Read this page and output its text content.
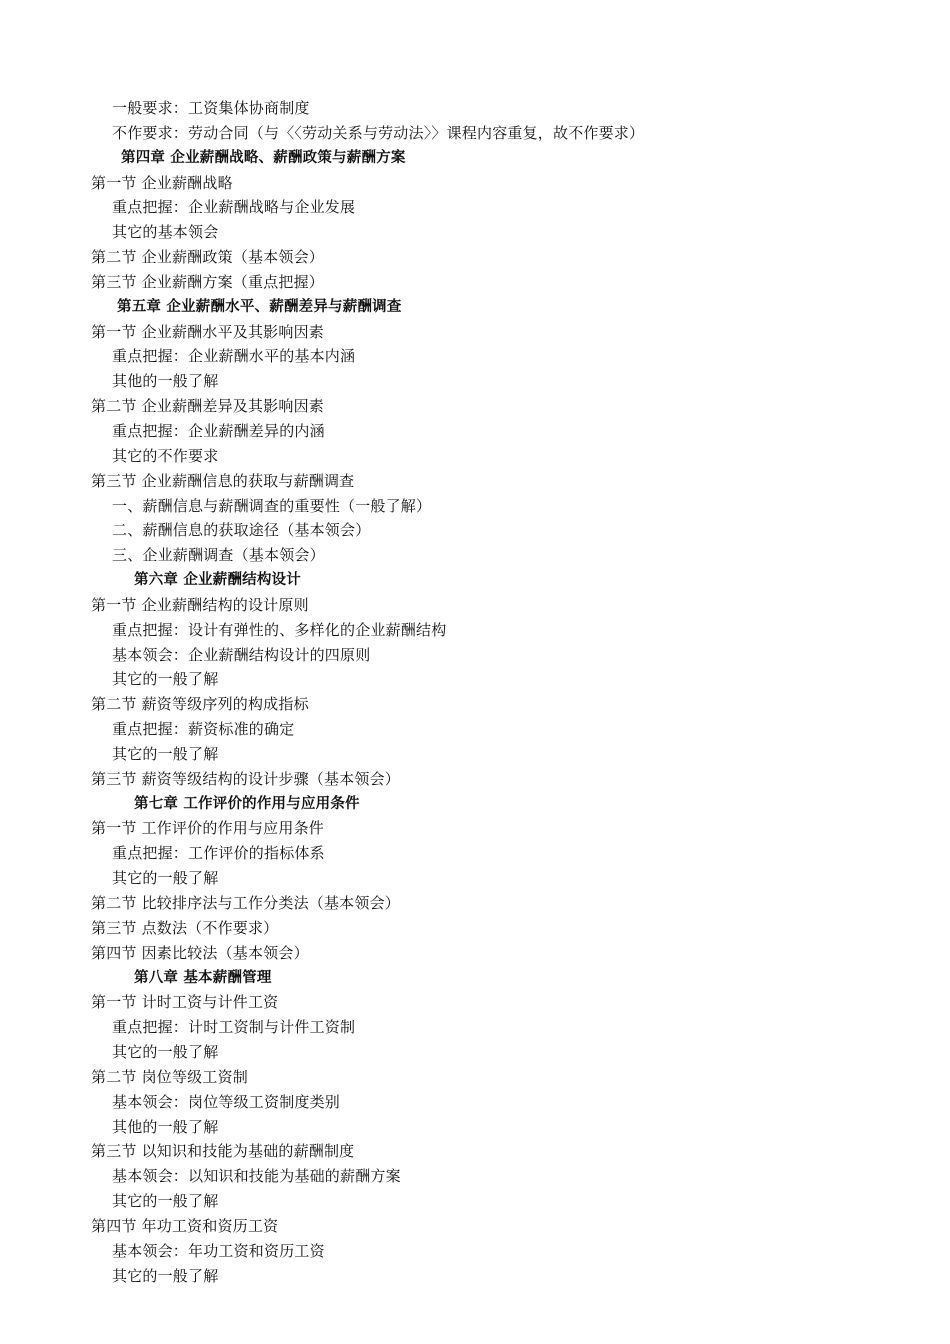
一般要求：工资集体协商制度
不作要求：劳动合同（与〈〈劳动关系与劳动法〉〉课程内容重复，故不作要求）
第四章 企业薪酬战略、薪酬政策与薪酬方案
第一节 企业薪酬战略
重点把握：企业薪酬战略与企业发展
其它的基本领会
第二节 企业薪酬政策（基本领会）
第三节 企业薪酬方案（重点把握）
第五章 企业薪酬水平、薪酬差异与薪酬调查
第一节 企业薪酬水平及其影响因素
重点把握：企业薪酬水平的基本内涵
其他的一般了解
第二节 企业薪酬差异及其影响因素
重点把握：企业薪酬差异的内涵
其它的不作要求
第三节 企业薪酬信息的获取与薪酬调查
一、薪酬信息与薪酬调查的重要性（一般了解）
二、薪酬信息的获取途径（基本领会）
三、企业薪酬调查（基本领会）
第六章 企业薪酬结构设计
第一节 企业薪酬结构的设计原则
重点把握：设计有弹性的、多样化的企业薪酬结构
基本领会：企业薪酬结构设计的四原则
其它的一般了解
第二节 薪资等级序列的构成指标
重点把握：薪资标准的确定
其它的一般了解
第三节 薪资等级结构的设计步骤（基本领会）
第七章 工作评价的作用与应用条件
第一节 工作评价的作用与应用条件
重点把握：工作评价的指标体系
其它的一般了解
第二节 比较排序法与工作分类法（基本领会）
第三节 点数法（不作要求）
第四节 因素比较法（基本领会）
第八章 基本薪酬管理
第一节 计时工资与计件工资
重点把握：计时工资制与计件工资制
其它的一般了解
第二节 岗位等级工资制
基本领会：岗位等级工资制度类别
其他的一般了解
第三节 以知识和技能为基础的薪酬制度
基本领会：以知识和技能为基础的薪酬方案
其它的一般了解
第四节 年功工资和资历工资
基本领会：年功工资和资历工资
其它的一般了解
